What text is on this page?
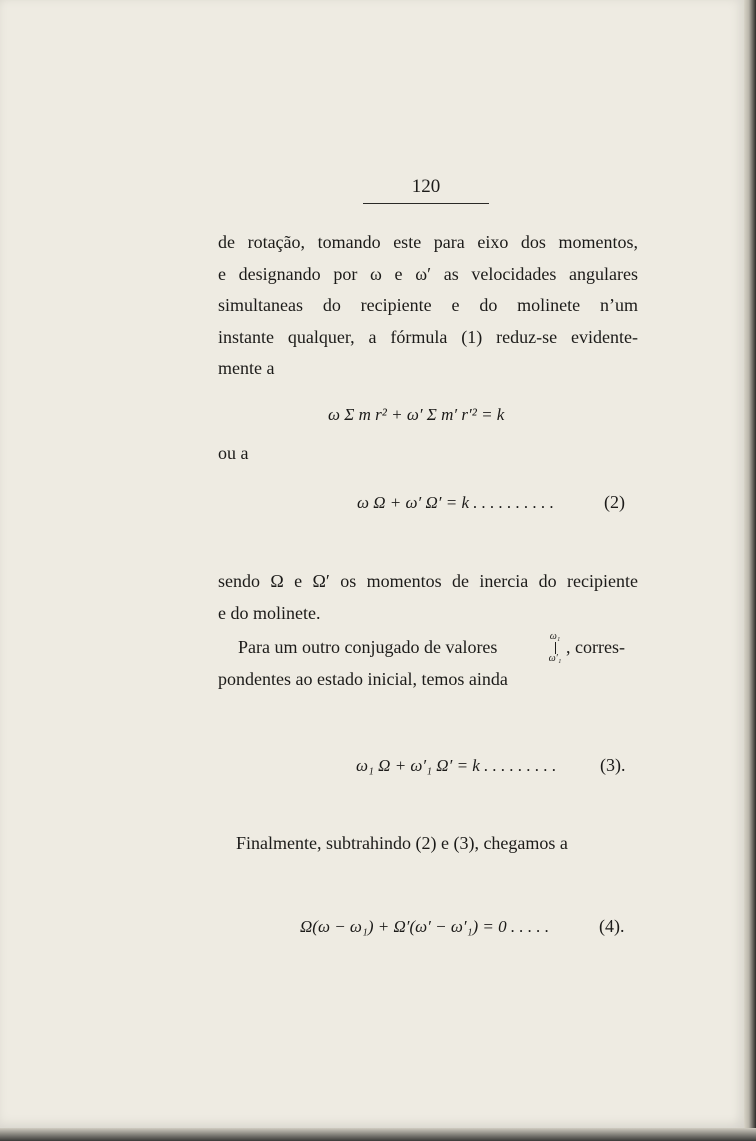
120
de rotação, tomando este para eixo dos momentos,
e designando por ω e ω′ as velocidades angulares
simultaneas do recipiente e do molinete n’um
instante qualquer, a fórmula (1) reduz-se evidente-
mente a
ω Σ m r² + ω′ Σ m′ r′² = k
ou a
ω Ω + ω′ Ω′ = k . . . . . . . . . .	(2)
sendo Ω e Ω′ os momentos de inercia do recipiente
e do molinete.
Para um outro conjugado de valores
ω₁
ω′₁
, corres-
pondentes ao estado inicial, temos ainda
ω₁ Ω + ω′₁ Ω′ = k . . . . . . . . . (3).
Finalmente, subtrahindo (2) e (3), chegamos a
Ω(ω − ω₁) + Ω′(ω′ − ω′₁) = 0 . . . . .	(4).
